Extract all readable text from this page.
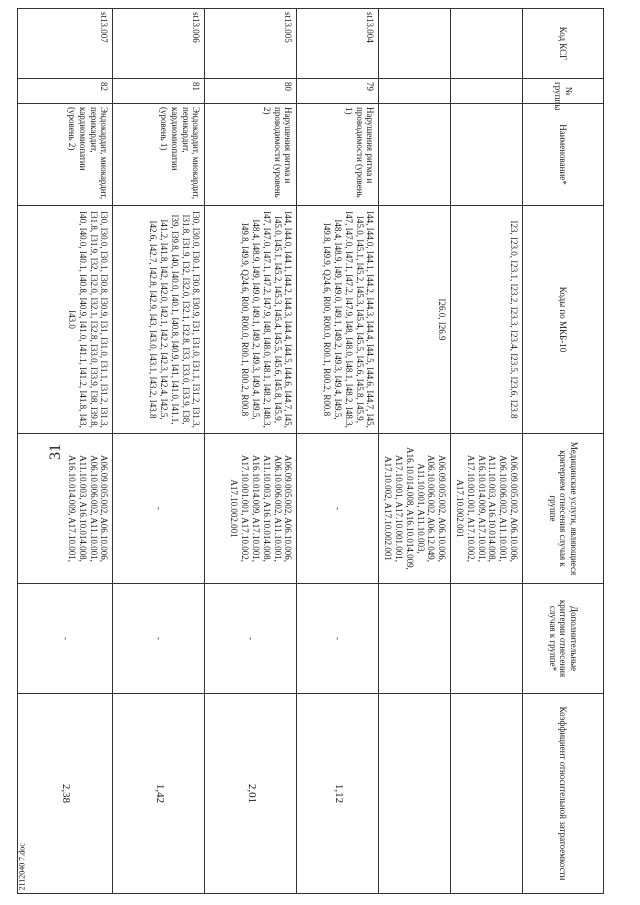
31
2112040 7.doc
Код КСГ	№ группы	Наименование*	Коды по МКБ-10	Медицинские услуги, являющиеся критерием отнесения случая к группе	Дополнительные критерии отнесения случая к группе*	Коэффициент относительной затратоемкости
			I23, I23.0, I23.1, I23.2, I23.3, I23.4, I23.5, I23.6, I23.8	A06.09.005.002, A06.10.006, A06.10.006.002, A11.10.001, A11.10.003, A16.10.014.008, A16.10.014.009, A17.10.001, A17.10.001.001, A17.10.002, A17.10.002.001		

			I26.0, I26.9	A06.09.005.002, A06.10.006, A06.10.006.002, A06.12.049, A11.10.001, A11.10.003, A16.10.014.008, A16.10.014.009, A17.10.001, A17.10.001.001, A17.10.002, A17.10.002.001		

st13.004	79	Нарушения ритма и проводимости (уровень 1)	I44, I44.0, I44.1, I44.2, I44.3, I44.4, I44.5, I44.6, I44.7, I45, I45.0, I45.1, I45.2, I45.3, I45.4, I45.5, I45.6, I45.8, I45.9, I47, I47.0, I47.1, I47.2, I47.9, I48, I48.0, I48.1, I48.2, I48.3, I48.4, I48.9, I49, I49.0, I49.1, I49.2, I49.3, I49.4, I49.5, I49.8, I49.9, Q24.6, R00, R00.0, R00.1, R00.2, R00.8	-	-	1,12
st13.005	80	Нарушения ритма и проводимости (уровень 2)	I44, I44.0, I44.1, I44.2, I44.3, I44.4, I44.5, I44.6, I44.7, I45, I45.0, I45.1, I45.2, I45.3, I45.4, I45.5, I45.6, I45.8, I45.9, I47, I47.0, I47.1, I47.2, I47.9, I48, I48.0, I48.1, I48.2, I48.3, I48.4, I48.9, I49, I49.0, I49.1, I49.2, I49.3, I49.4, I49.5, I49.8, I49.9, Q24.6, R00, R00.0, R00.1, R00.2, R00.8	A06.09.005.002, A06.10.006, A06.10.006.002, A11.10.001, A11.10.003, A16.10.014.008, A16.10.014.009, A17.10.001, A17.10.001.001, A17.10.002, A17.10.002.001	-	2,01
st13.006	81	Эндокардит, миокардит, перикардит, кардиомиопатии (уровень 1)	I30, I30.0, I30.1, I30.8, I30.9, I31, I31.0, I31.1, I31.2, I31.3, I31.8, I31.9, I32, I32.0, I32.1, I32.8, I33, I33.0, I33.9, I38, I39, I39.8, I40, I40.0, I40.1, I40.8, I40.9, I41, I41.0, I41.1, I41.2, I41.8, I42, I42.0, I42.1, I42.2, I42.3, I42.4, I42.5, I42.6, I42.7, I42.8, I42.9, I43, I43.0, I43.1, I43.2, I43.8	-	-	1,42
st13.007	82	Эндокардит, миокардит, перикардит, кардиомиопатии (уровень 2)	I30, I30.0, I30.1, I30.8, I30.9, I31, I31.0, I31.1, I31.2, I31.3, I31.8, I31.9, I32, I32.0, I32.1, I32.8, I33.0, I33.9, I38, I39.8, I40, I40.0, I40.1, I40.8, I40.9, I41.0, I41.1, I41.2, I41.8, I43, I43.0	A06.09.005.002, A06.10.006, A06.10.006.002, A11.10.001, A11.10.003, A16.10.014.008, A16.10.014.009, A17.10.001,	-	2,38
